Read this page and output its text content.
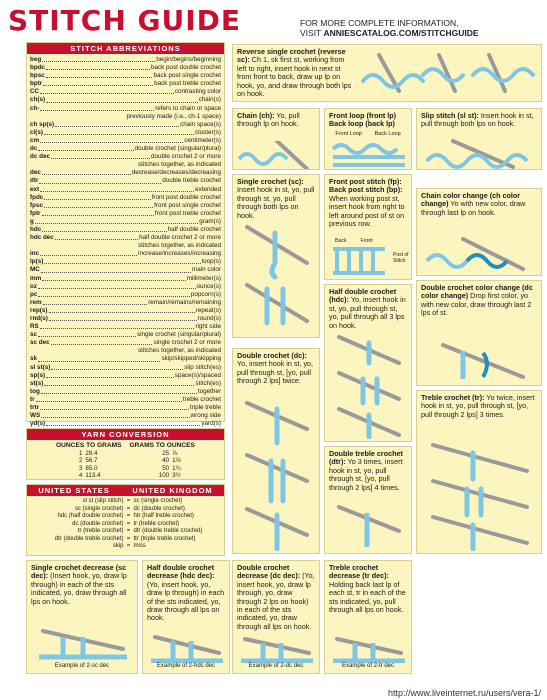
STITCH GUIDE	FOR MORE COMPLETE INFORMATION,
VISIT ANNIESCATALOG.COM/STITCHGUIDE
STITCH ABBREVIATIONS
beg	begin/begins/beginning
bpdc	back post double crochet
bpsc	back post single crochet
bptr	back post treble crochet
CC	contrasting color
ch(s)	chain(s)
ch-	refers to chain or space
previously made (i.e., ch-1 space)
ch sp(s)	chain space(s)
cl(s)	cluster(s)
cm	centimeter(s)
dc	double crochet (singular/plural)
dc dec	double crochet 2 or more
stitches together, as indicated
dec	decrease/decreases/decreasing
dtr	double treble crochet
ext	extended
fpdc	front post double crochet
fpsc	front post single crochet
fptr	front post treble crochet
g	gram(s)
hdc	half double crochet
hdc dec	half double crochet 2 or more
stitches together, as indicated
inc	increase/increases/increasing
lp(s)	loop(s)
MC	main color
mm	millimeter(s)
oz	ounce(s)
pc	popcorn(s)
rem	remain/remains/remaining
rep(s)	repeat(s)
rnd(s)	round(s)
RS	right side
sc	single crochet (singular/plural)
sc dec	single crochet 2 or more
stitches together, as indicated
sk	skip/skipped/skipping
sl st(s)	slip stitch(es)
sp(s)	space(s)/spaced
st(s)	stitch(es)
tog	together
tr	treble crochet
trtr	triple treble
WS	wrong side
yd(s)	yard(s)
YARN CONVERSION
OUNCES TO GRAMS		GRAMS TO OUNCES	
1	28.4	25	⅞
2	56.7	40	1⅔
3	85.0	50	1¾
4	113.4	100	3½
UNITED STATES	UNITED KINGDOM
sl st (slip stitch)	=	sc (single crochet)
sc (single crochet)	=	dc (double crochet)
hdc (half double crochet)	=	htr (half treble crochet)
dc (double crochet)	=	tr (treble crochet)
tr (treble crochet)	=	dtr (double treble crochet)
dtr (double treble crochet)	=	ttr (triple treble crochet)
skip	=	miss
Reverse single crochet (reverse sc): Ch 1, sk first st, working from left to right, insert hook in next st from front to back, draw up lp on hook, yo, and draw through both lps on hook.
Chain (ch): Yo, pull through lp on hook.
Front loop (front lp) Back loop (back lp)
Front Loop Back Loop
Slip stitch (sl st): Insert hook in st, pull through both lps on hook.
Single crochet (sc): Insert hook in st, yo, pull through st, yo, pull through both lps on hook.
Front post stitch (fp): Back post stitch (bp): When working post st, insert hook from right to left around post of st on previous row.
Back	Front
Post of Stitch
Chain color change (ch color change) Yo with new color, draw through last lp on hook.
Half double crochet (hdc): Yo, insert hook in st, yo, pull through st, yo, pull through all 3 lps on hook.
Double crochet color change (dc color change) Drop first color, yo with new color, draw through last 2 lps of st.
Double crochet (dc): Yo, insert hook in st, yo, pull through st, [yo, pull through 2 lps] twice.
Treble crochet (tr): Yo twice, insert hook in st, yo, pull through st, [yo, pull through 2 lps] 3 times.
Double treble crochet (dtr): Yo 3 times, insert hook in st, yo, pull through st, [yo, pull through 2 lps] 4 times.
Single crochet decrease (sc dec): (Insert hook, yo, draw lp through) in each of the sts indicated, yo, draw through all lps on hook.
Example of 2-sc dec
Half double crochet decrease (hdc dec): (Yo, insert hook, yo, draw lp through) in each of the sts indicated, yo, draw through all lps on hook.
Example of 2-hdc dec
Double crochet decrease (dc dec): (Yo, insert hook, yo, draw lp through, yo, draw through 2 lps on hook) in each of the sts indicated, yo, draw through all lps on hook.
Example of 2-dc dec
Treble crochet decrease (tr dec): Holding back last lp of each st, tr in each of the sts indicated, yo, pull through all lps on hook.
Example of 2-tr dec
http://www.liveinternet.ru/users/vera-1/
